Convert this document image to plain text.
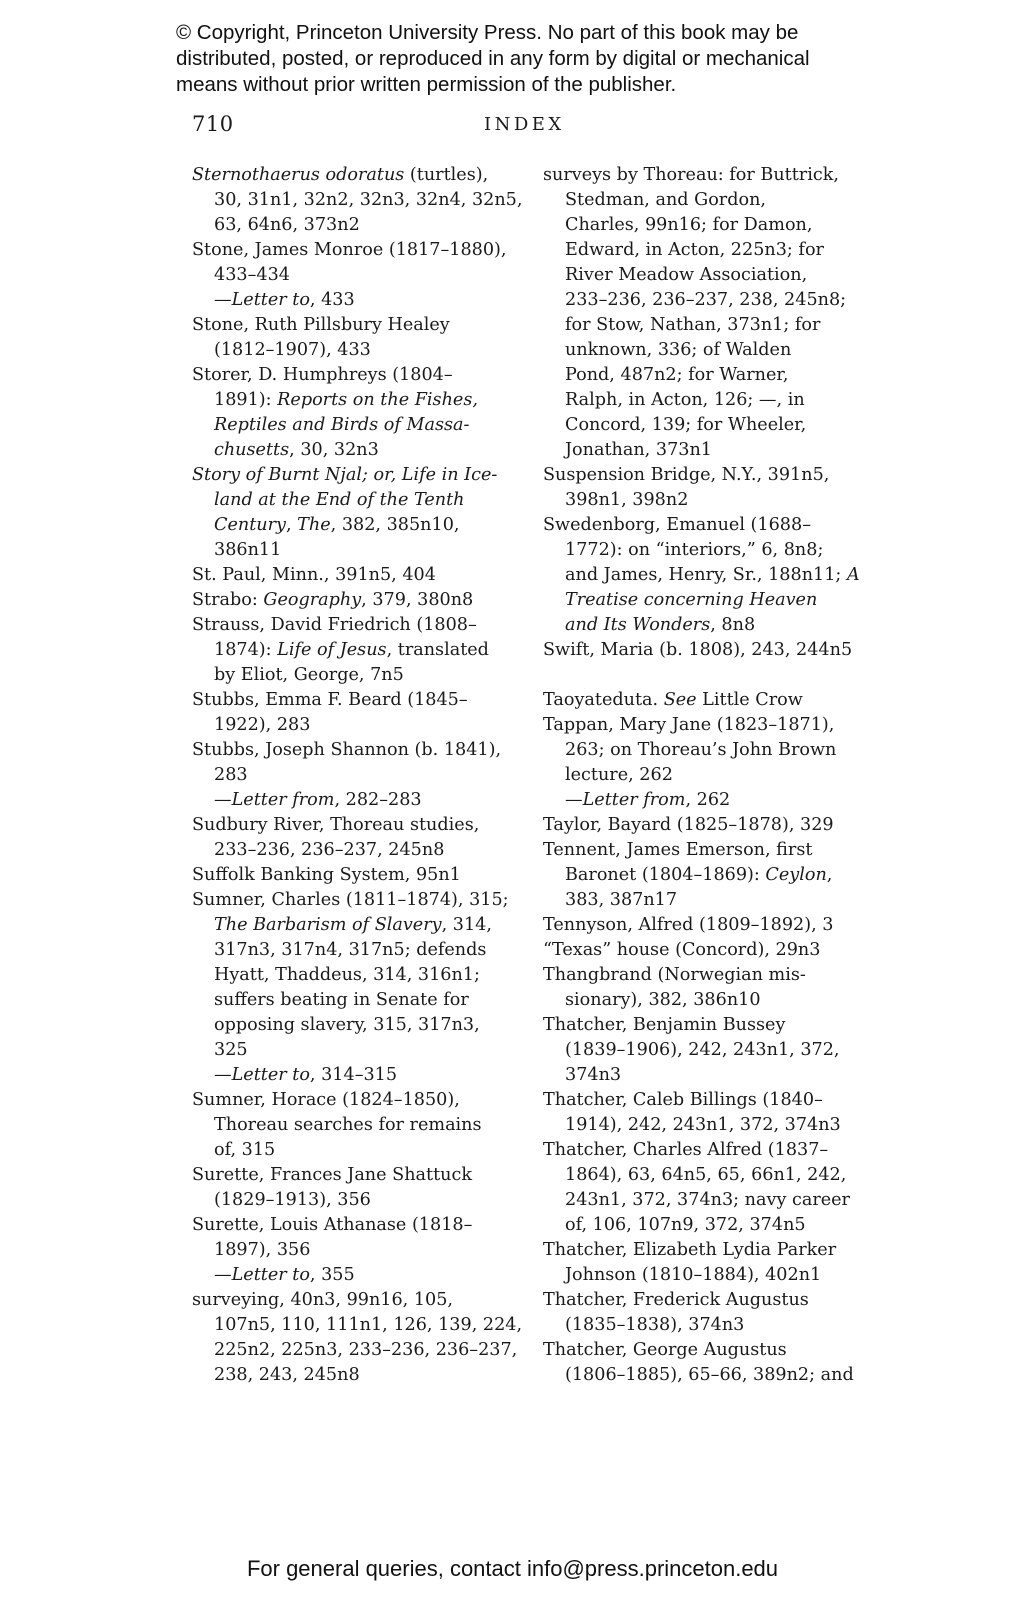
© Copyright, Princeton University Press. No part of this book may be
distributed, posted, or reproduced in any form by digital or mechanical
means without prior written permission of the publisher.
710	INDEX
Sternothaerus odoratus (turtles),
30, 31n1, 32n2, 32n3, 32n4, 32n5,
63, 64n6, 373n2
Stone, James Monroe (1817–1880),
433–434
—Letter to, 433
Stone, Ruth Pillsbury Healey
(1812–1907), 433
Storer, D. Humphreys (1804–
1891): Reports on the Fishes,
Reptiles and Birds of Massa-
chusetts, 30, 32n3
Story of Burnt Njal; or, Life in Ice-
land at the End of the Tenth
Century, The, 382, 385n10,
386n11
St. Paul, Minn., 391n5, 404
Strabo: Geography, 379, 380n8
Strauss, David Friedrich (1808–
1874): Life of Jesus, translated
by Eliot, George, 7n5
Stubbs, Emma F. Beard (1845–
1922), 283
Stubbs, Joseph Shannon (b. 1841),
283
—Letter from, 282–283
Sudbury River, Thoreau studies,
233–236, 236–237, 245n8
Suffolk Banking System, 95n1
Sumner, Charles (1811–1874), 315;
The Barbarism of Slavery, 314,
317n3, 317n4, 317n5; defends
Hyatt, Thaddeus, 314, 316n1;
suffers beating in Senate for
opposing slavery, 315, 317n3,
325
—Letter to, 314–315
Sumner, Horace (1824–1850),
Thoreau searches for remains
of, 315
Surette, Frances Jane Shattuck
(1829–1913), 356
Surette, Louis Athanase (1818–
1897), 356
—Letter to, 355
surveying, 40n3, 99n16, 105,
107n5, 110, 111n1, 126, 139, 224,
225n2, 225n3, 233–236, 236–237,
238, 243, 245n8
surveys by Thoreau: for Buttrick,
Stedman, and Gordon,
Charles, 99n16; for Damon,
Edward, in Acton, 225n3; for
River Meadow Association,
233–236, 236–237, 238, 245n8;
for Stow, Nathan, 373n1; for
unknown, 336; of Walden
Pond, 487n2; for Warner,
Ralph, in Acton, 126; —, in
Concord, 139; for Wheeler,
Jonathan, 373n1
Suspension Bridge, N.Y., 391n5,
398n1, 398n2
Swedenborg, Emanuel (1688–
1772): on “interiors,” 6, 8n8;
and James, Henry, Sr., 188n11; A
Treatise concerning Heaven
and Its Wonders, 8n8
Swift, Maria (b. 1808), 243, 244n5
Taoyateduta. See Little Crow
Tappan, Mary Jane (1823–1871),
263; on Thoreau’s John Brown
lecture, 262
—Letter from, 262
Taylor, Bayard (1825–1878), 329
Tennent, James Emerson, first
Baronet (1804–1869): Ceylon,
383, 387n17
Tennyson, Alfred (1809–1892), 3
“Texas” house (Concord), 29n3
Thangbrand (Norwegian mis-
sionary), 382, 386n10
Thatcher, Benjamin Bussey
(1839–1906), 242, 243n1, 372,
374n3
Thatcher, Caleb Billings (1840–
1914), 242, 243n1, 372, 374n3
Thatcher, Charles Alfred (1837–
1864), 63, 64n5, 65, 66n1, 242,
243n1, 372, 374n3; navy career
of, 106, 107n9, 372, 374n5
Thatcher, Elizabeth Lydia Parker
Johnson (1810–1884), 402n1
Thatcher, Frederick Augustus
(1835–1838), 374n3
Thatcher, George Augustus
(1806–1885), 65–66, 389n2; and
For general queries, contact info@press.princeton.edu
